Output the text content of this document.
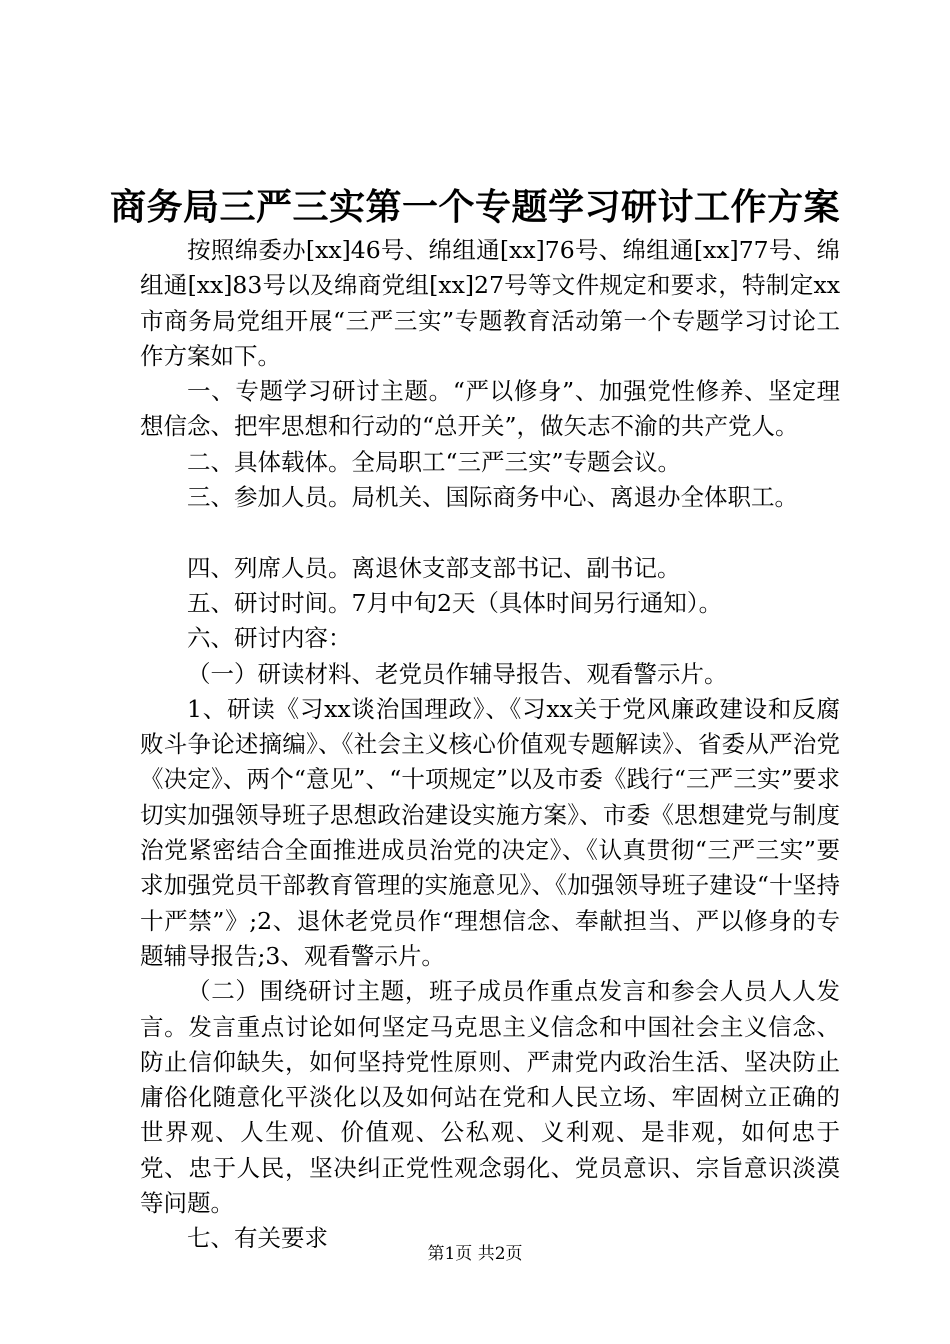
商务局三严三实第一个专题学习研讨工作方案

按照绵委办[xx]46号、绵组通[xx]76号、绵组通[xx]77号、绵组通[xx]83号以及绵商党组[xx]27号等文件规定和要求，特制定xx市商务局党组开展“三严三实”专题教育活动第一个专题学习讨论工作方案如下。

一、专题学习研讨主题。“严以修身”、加强党性修养、坚定理想信念、把牢思想和行动的“总开关”，做矢志不渝的共产党人。

二、具体载体。全局职工“三严三实”专题会议。

三、参加人员。局机关、国际商务中心、离退办全体职工。

四、列席人员。离退休支部支部书记、副书记。

五、研讨时间。7月中旬2天（具体时间另行通知）。

六、研讨内容：

（一）研读材料、老党员作辅导报告、观看警示片。

1、研读《习xx谈治国理政》、《习xx关于党风廉政建设和反腐败斗争论述摘编》、《社会主义核心价值观专题解读》、省委从严治党《决定》、两个“意见”、“十项规定”以及市委《践行“三严三实”要求切实加强领导班子思想政治建设实施方案》、市委《思想建党与制度治党紧密结合全面推进成员治党的决定》、《认真贯彻“三严三实”要求加强党员干部教育管理的实施意见》、《加强领导班子建设“十坚持十严禁”》;2、退休老党员作“理想信念、奉献担当、严以修身的专题辅导报告;3、观看警示片。

（二）围绕研讨主题，班子成员作重点发言和参会人员人人发言。发言重点讨论如何坚定马克思主义信念和中国社会主义信念、防止信仰缺失，如何坚持党性原则、严肃党内政治生活、坚决防止庸俗化随意化平淡化以及如何站在党和人民立场、牢固树立正确的世界观、人生观、价值观、公私观、义利观、是非观，如何忠于党、忠于人民，坚决纠正党性观念弱化、党员意识、宗旨意识淡漠等问题。

七、有关要求

第1页 共2页
